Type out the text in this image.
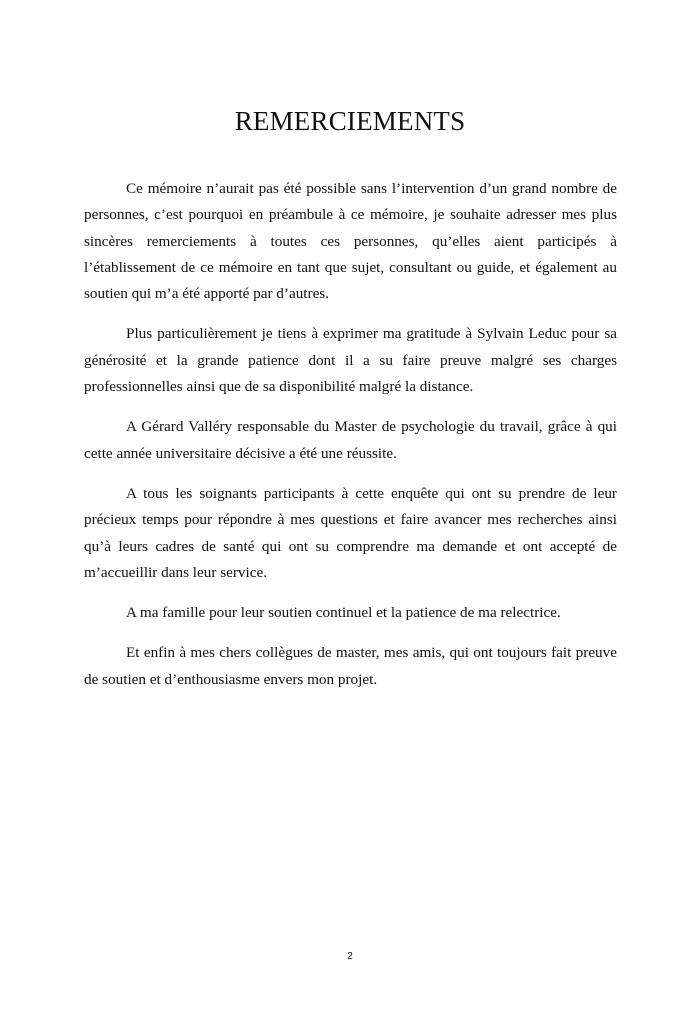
REMERCIEMENTS

Ce mémoire n’aurait pas été possible sans l’intervention d’un grand nombre de personnes, c’est pourquoi en préambule à ce mémoire, je souhaite adresser mes plus sincères remerciements à toutes ces personnes, qu’elles aient participés à l’établissement de ce mémoire en tant que sujet, consultant ou guide, et également au soutien qui m’a été apporté par d’autres.

Plus particulièrement je tiens à exprimer ma gratitude à Sylvain Leduc pour sa générosité et la grande patience dont il a su faire preuve malgré ses charges professionnelles ainsi que de sa disponibilité malgré la distance.

A Gérard Valléry responsable du Master de psychologie du travail, grâce à qui cette année universitaire décisive a été une réussite.

A tous les soignants participants à cette enquête qui ont su prendre de leur précieux temps pour répondre à mes questions et faire avancer mes recherches ainsi qu’à leurs cadres de santé qui ont su comprendre ma demande et ont accepté de m’accueillir dans leur service.

A ma famille pour leur soutien continuel et la patience de ma relectrice.

Et enfin à mes chers collègues de master, mes amis, qui ont toujours fait preuve de soutien et d’enthousiasme envers mon projet.

2
